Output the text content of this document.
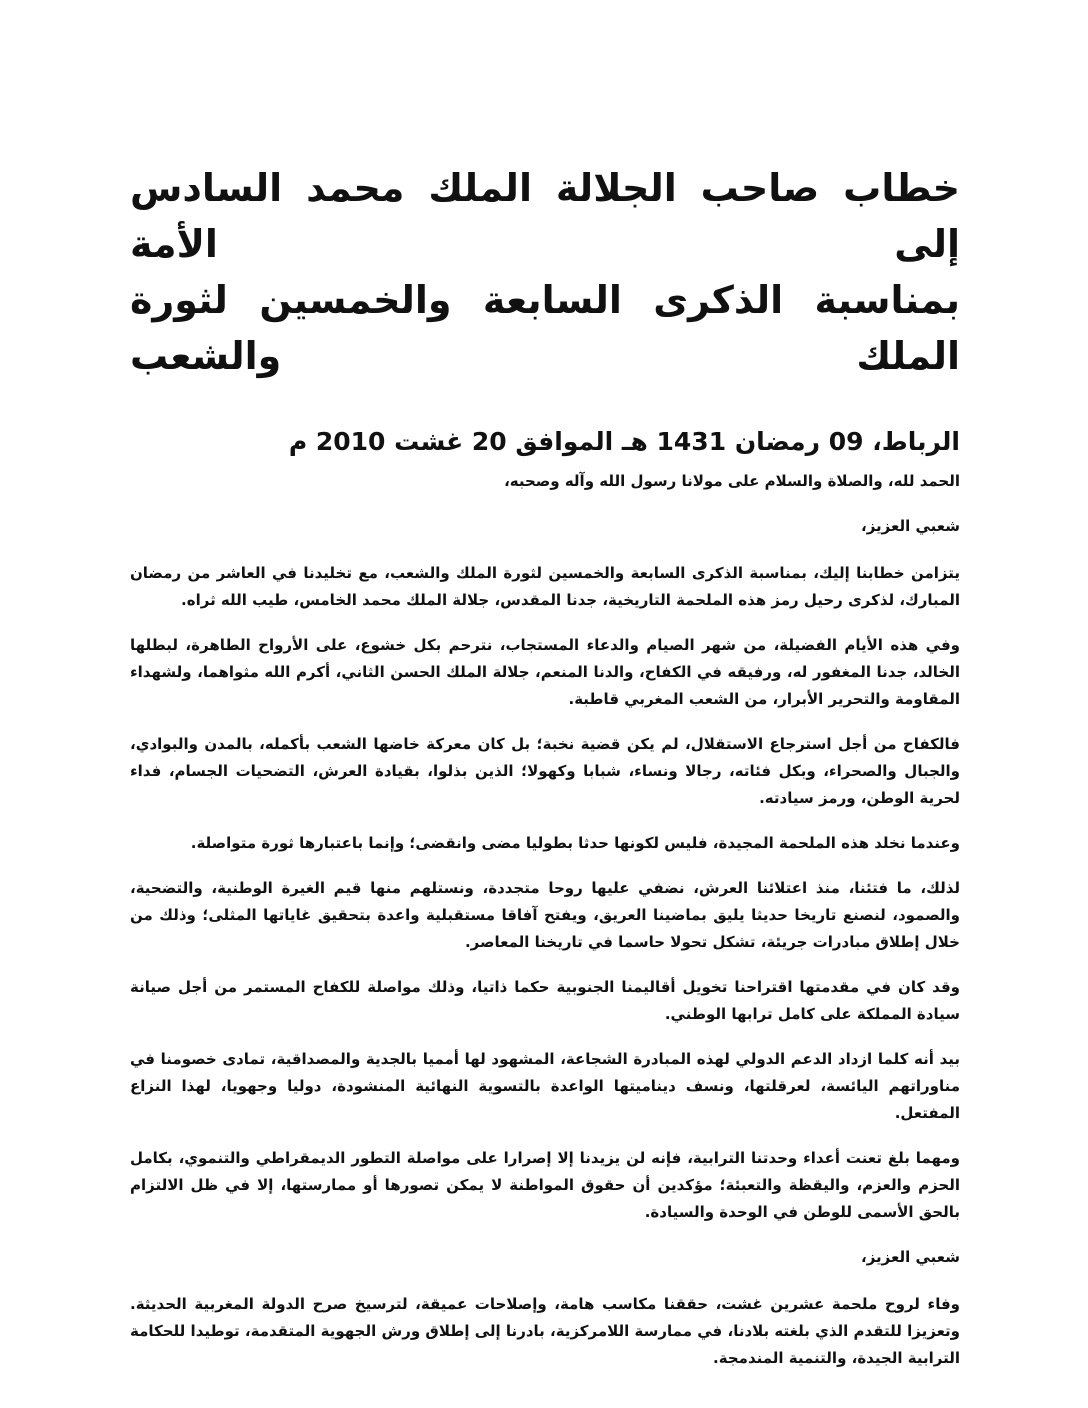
خطاب صاحب الجلالة الملك محمد السادس إلى الأمة
بمناسبة الذكرى السابعة والخمسين لثورة الملك والشعب
الرباط، 09 رمضان 1431 هـ الموافق 20 غشت 2010 م

الحمد لله، والصلاة والسلام على مولانا رسول الله وآله وصحبه،

شعبي العزيز،

يتزامن خطابنا إليك، بمناسبة الذكرى السابعة والخمسين لثورة الملك والشعب، مع تخليدنا في العاشر من رمضان المبارك، لذكرى رحيل رمز هذه الملحمة التاريخية، جدنا المقدس، جلالة الملك محمد الخامس، طيب الله ثراه.

وفي هذه الأيام الفضيلة، من شهر الصيام والدعاء المستجاب، نترحم بكل خشوع، على الأرواح الطاهرة، لبطلها الخالد، جدنا المغفور له، ورفيقه في الكفاح، والدنا المنعم، جلالة الملك الحسن الثاني، أكرم الله مثواهما، ولشهداء المقاومة والتحرير الأبرار، من الشعب المغربي قاطبة.

فالكفاح من أجل استرجاع الاستقلال، لم يكن قضية نخبة؛ بل كان معركة خاضها الشعب بأكمله، بالمدن والبوادي، والجبال والصحراء، وبكل فئاته، رجالا ونساء، شبابا وكهولا؛ الذين بذلوا، بقيادة العرش، التضحيات الجسام، فداء لحرية الوطن، ورمز سيادته.

وعندما نخلد هذه الملحمة المجيدة، فليس لكونها حدثا بطوليا مضى وانقضى؛ وإنما باعتبارها ثورة متواصلة.

لذلك، ما فتئنا، منذ اعتلائنا العرش، نضفي عليها روحا متجددة، ونستلهم منها قيم الغيرة الوطنية، والتضحية، والصمود، لنصنع تاريخا حديثا يليق بماضينا العريق، ويفتح آفاقا مستقبلية واعدة بتحقيق غاياتها المثلى؛ وذلك من خلال إطلاق مبادرات جريئة، تشكل تحولا حاسما في تاريخنا المعاصر.

وقد كان في مقدمتها اقتراحنا تخويل أقاليمنا الجنوبية حكما ذاتيا، وذلك مواصلة للكفاح المستمر من أجل صيانة سيادة المملكة على كامل ترابها الوطني.

بيد أنه كلما ازداد الدعم الدولي لهذه المبادرة الشجاعة، المشهود لها أمميا بالجدية والمصداقية، تمادى خصومنا في مناوراتهم اليائسة، لعرقلتها، ونسف ديناميتها الواعدة بالتسوية النهائية المنشودة، دوليا وجهويا، لهذا النزاع المفتعل.

ومهما بلغ تعنت أعداء وحدتنا الترابية، فإنه لن يزيدنا إلا إصرارا على مواصلة التطور الديمقراطي والتنموي، بكامل الحزم والعزم، واليقظة والتعبئة؛ مؤكدين أن حقوق المواطنة لا يمكن تصورها أو ممارستها، إلا في ظل الالتزام بالحق الأسمى للوطن في الوحدة والسيادة.

شعبي العزيز،

وفاء لروح ملحمة عشرين غشت، حققنا مكاسب هامة، وإصلاحات عميقة، لترسيخ صرح الدولة المغربية الحديثة. وتعزيزا للتقدم الذي بلغته بلادنا، في ممارسة اللامركزية، بادرنا إلى إطلاق ورش الجهوية المتقدمة، توطيدا للحكامة الترابية الجيدة، والتنمية المندمجة.
